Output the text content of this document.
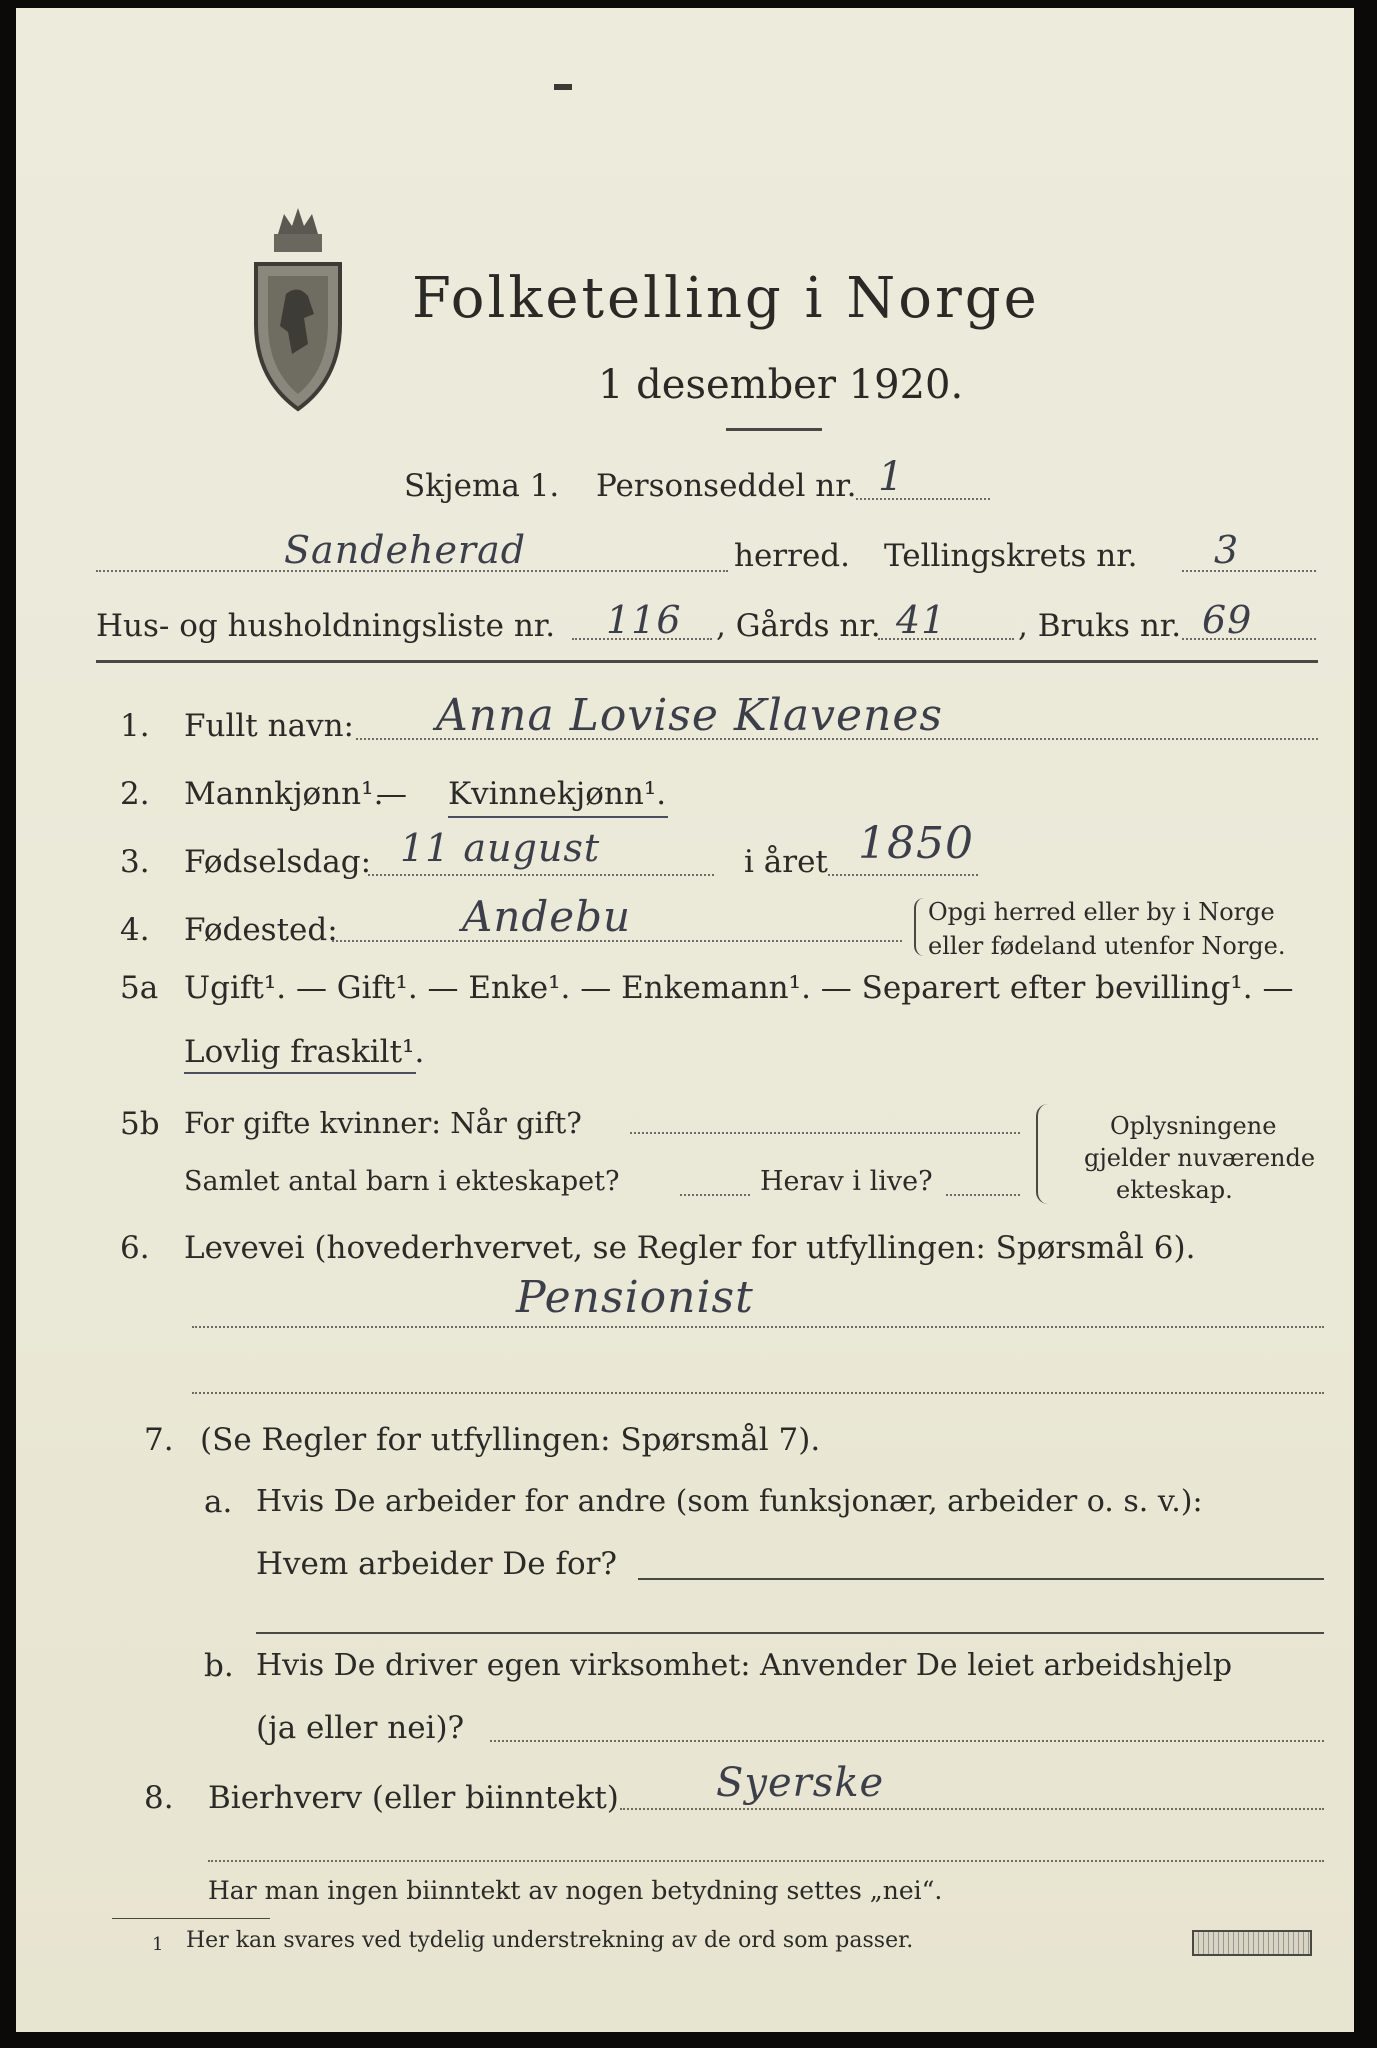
Folketelling i Norge
1 desember 1920.
Skjema 1. Personseddel nr. 1
Sandeherad	herred. Tellingskrets nr. 3
Hus- og husholdningsliste nr. 116 , Gårds nr. 41 , Bruks nr. 69
1. Fullt navn: Anna Lovise Klavenes
2. Mannkjønn¹.
— Kvinnekjønn¹.
3. Fødselsdag: 11 august	i året 1850
4. Fødested:	Andebu	Opgi herred eller by i Norge
eller fødeland utenfor Norge.
5a Ugift¹. — Gift¹. — Enke¹. — Enkemann¹. — Separert efter bevilling¹. —
Lovlig fraskilt¹.
5b For gifte kvinner: Når gift?
Samlet antal barn i ekteskapet?	Herav i live?
Oplysningene
gjelder nuværende
ekteskap.
6. Levevei (hovederhvervet, se Regler for utfyllingen: Spørsmål 6).
Pensionist
7. (Se Regler for utfyllingen: Spørsmål 7).
a. Hvis De arbeider for andre (som funksjonær, arbeider o. s. v.):
Hvem arbeider De for?
b. Hvis De driver egen virksomhet: Anvender De leiet arbeidshjelp
(ja eller nei)?
8. Bierhverv (eller biinntekt) Syerske
Har man ingen biinntekt av nogen betydning settes „nei“.
1 Her kan svares ved tydelig understrekning av de ord som passer.
